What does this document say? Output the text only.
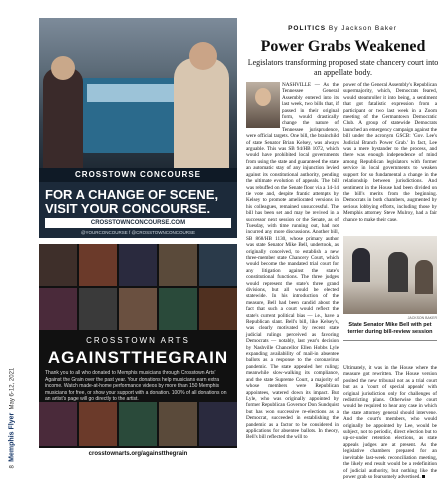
CROSSTOWN CONCOURSE
FOR A CHANGE OF SCENE, VISIT YOUR CONCOURSE.
CROSSTOWNCONCOURSE.COM
@YOURCONCOURSE f @CROSSTOWNCONCOURSE
CROSSTOWN ARTS
AGAINSTTHEGRAIN
Thank you to all who donated to Memphis musicians through Crosstown Arts' Against the Grain over the past year. Your donations help musicians earn extra income. Watch made-at-home performance videos by more than 150 Memphis musicians for free, or show your support with a donation. 100% of all donations on an artist's page will go directly to the artist.
crosstownarts.org/againstthegrain
8  Memphis Flyer  May 6-12, 2021
POLITICS By Jackson Baker
Power Grabs Weakened
Legislators transforming proposed state chancery court into an appellate body.

NASHVILLE — As the Tennessee General Assembly entered into its last week, two bills that, if passed in their original form, would drastically change the nature of Tennessee jurisprudence, were official targets. One bill, the brainchild of state Senator Brian Kelsey, was always arguable. This was SB 94/HB 1072, which would have prohibited local governments from using the state and guaranteed the state an automatic stay of any injunction levied against its constitutional authority, pending the ultimate evolution of appeals. The bill was rebuffed on the Senate floor via a 14-14 tie vote and, despite frantic attempts by Kelsey to promote ameliorated versions in his colleagues, remained unsuccessful. The bill has been set and may be revived in a successor next session or the Senate, as of Tuesday, with time running out, had not incurred any more discussions. Another bill, SB 868/HB 1130, whose primary author was state Senator Mike Bell, undertook, as originally conceived, to establish a new three-member state Chancery Court, which would become the mandated trial court for any litigation against the state's constitutional functions. The three judges would represent the state's three grand divisions, but all would be elected statewide. In his introduction of the measure, Bell had been candid about the fact that such a court would reflect the state's current political bias — i.e., have a Republican slant. Bell's bill, like Kelsey's, was clearly motivated by recent state judicial rulings perceived as favoring Democrats — notably, last year's decision by Nashville Chancellor Ellen Hobbs Lyle expanding availability of mail-in absentee ballots as a response to the coronavirus pandemic. The state appealed her ruling; meanwhile slow-walking its compliance, and the state Supreme Court, a majority of whose members were Republican appointees, watered down its impact. But Lyle, who was originally appointed by former Republican Governor Don Sundquist but has won successive re-elections as a Democrat, succeeded in establishing the pandemic as a factor to be considered in applications for absentee ballots. In theory, Bell's bill reflected the will to

power of the General Assembly's Republican supermajority, which, Democrats feared, would steamroller it into being, a sentiment that got fatalistic expression from a participant or two last week in a Zoom meeting of the Germantown Democratic Club. A group of statewide Democrats launched an emergency campaign against the bill under the acronym GSCB: 'Gov. Lee's Judicial Branch Power Grab.' In fact, Lee was a mere bystander to the process, and there was enough independence of mind among Republican legislators with former service in local governments to weaken support for so fundamental a change in the relationship between jurisdictions. And sentiment in the House had been divided on the bill's merits from the beginning. Democrats in both chambers, augmented by serious lobbying efforts, including those by Memphis attorney Steve Mulroy, had a fair chance to make their case.
JACKSON BAKER
State Senator Mike Bell with pet terrier during bill-review session
Ultimately, it was in the House where the measure got rewritten. The House version posited the new tribunal not as a trial court but as a 'court of special appeals' with original jurisdiction only for challenges of redistricting plans. Otherwise the court would be required to hear any case in which the state attorney general should intervene. And the court's members, who would originally be appointed by Lee, would be subject, not to periodic, direct election but to up-or-under retention elections, as state appeals judges are at present. As the legislative chambers prepared for an inevitable last-week reconciliation meeting, the likely end result would be a redefinition of judicial authority, but nothing like the power grab so fearsomely advertised.
